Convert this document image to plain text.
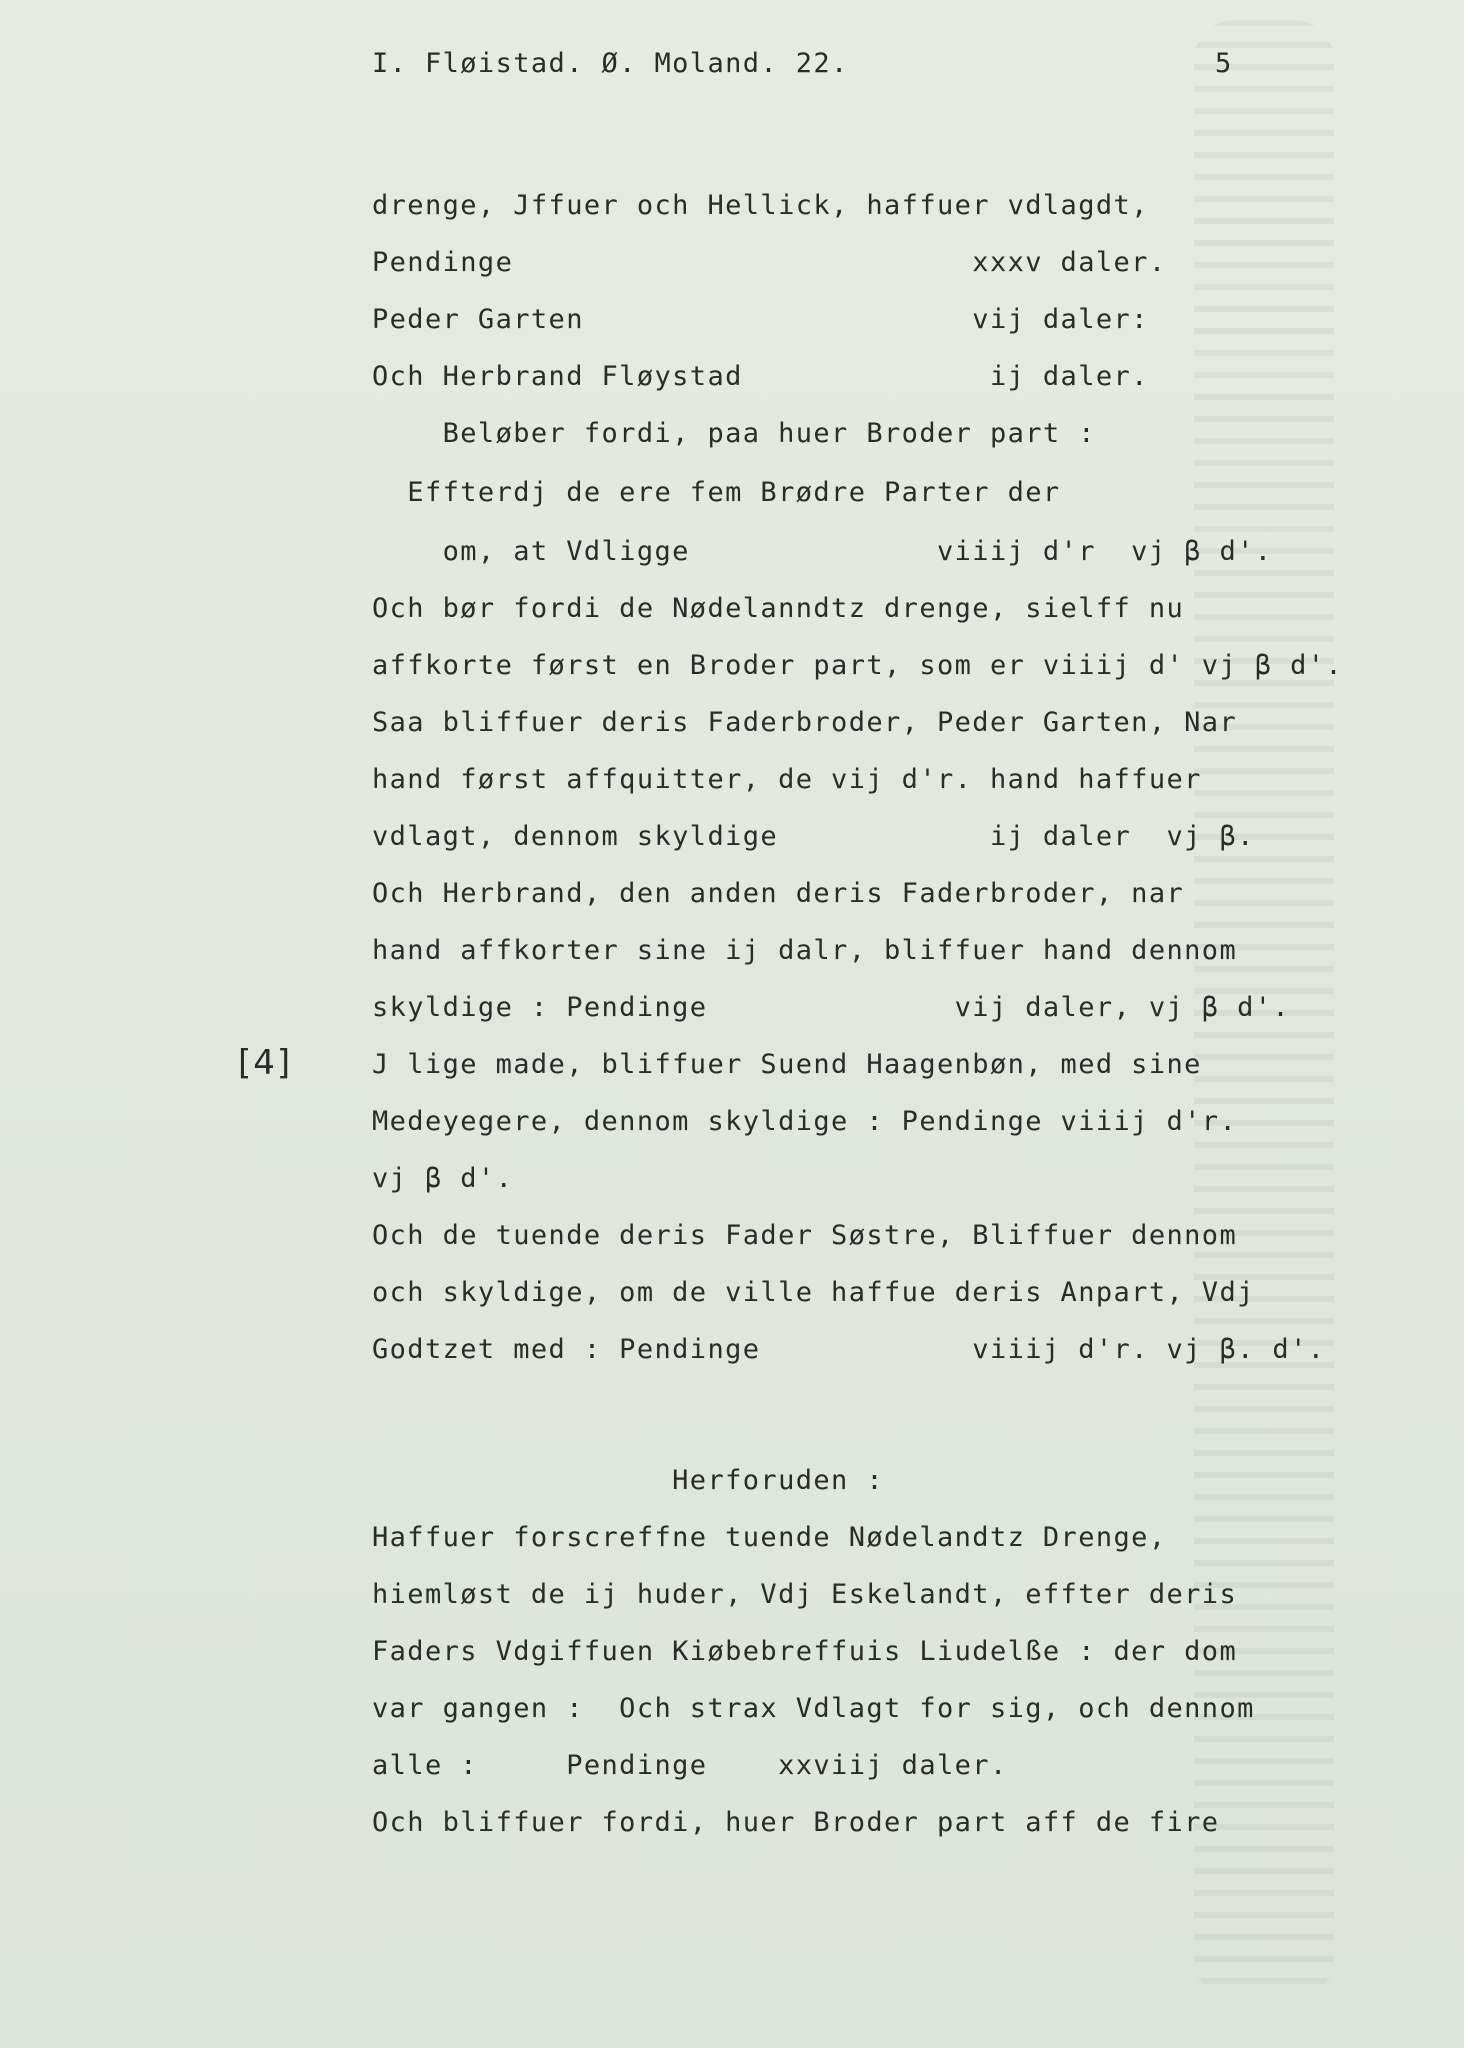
I. Fløistad. Ø. Moland. 22.	5
[4]
drenge, Jffuer och Hellick, haffuer vdlagdt,
Pendinge                          xxxv daler.
Peder Garten                      vij daler:
Och Herbrand Fløystad              ij daler.
Beløber fordi, paa huer Broder part :
Effterdj de ere fem Brødre Parter der
om, at Vdligge              viiij d'r  vj β d'.
Och bør fordi de Nødelanndtz drenge, sielff nu
affkorte først en Broder part, som er viiij d' vj β d'.
Saa bliffuer deris Faderbroder, Peder Garten, Nar
hand først affquitter, de vij d'r. hand haffuer
vdlagt, dennom skyldige            ij daler  vj β.
Och Herbrand, den anden deris Faderbroder, nar
hand affkorter sine ij dalr, bliffuer hand dennom
skyldige : Pendinge              vij daler, vj β d'.
J lige made, bliffuer Suend Haagenbøn, med sine
Medeyegere, dennom skyldige : Pendinge viiij d'r.
vj β d'.
Och de tuende deris Fader Søstre, Bliffuer dennom
och skyldige, om de ville haffue deris Anpart, Vdj
Godtzet med : Pendinge            viiij d'r. vj β. d'.
Herforuden :
Haffuer forscreffne tuende Nødelandtz Drenge,
hiemløst de ij huder, Vdj Eskelandt, effter deris
Faders Vdgiffuen Kiøbebreffuis Liudelße : der dom
var gangen :  Och strax Vdlagt for sig, och dennom
alle :     Pendinge    xxviij daler.
Och bliffuer fordi, huer Broder part aff de fire
